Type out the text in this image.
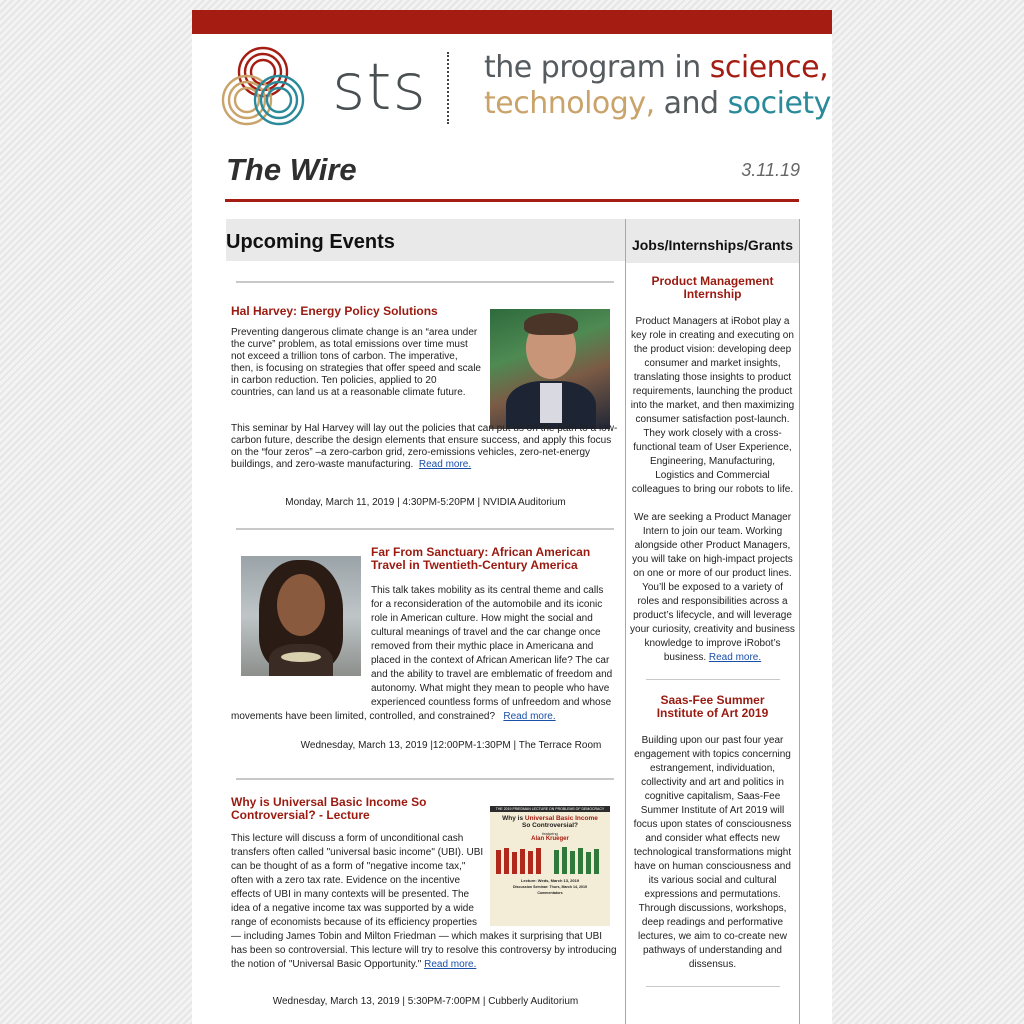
sts the program in science,
technology, and society
The Wire	3.11.19
Upcoming Events
Hal Harvey: Energy Policy Solutions
Preventing dangerous climate change is an “area under the curve” problem, as total emissions over time must not exceed a trillion tons of carbon. The imperative, then, is focusing on strategies that offer speed and scale in carbon reduction. Ten policies, applied to 20 countries, can land us at a reasonable climate future.
This seminar by Hal Harvey will lay out the policies that can put us on the path to a low-carbon future, describe the design elements that ensure success, and apply this focus on the “four zeros” –a zero-carbon grid, zero-emissions vehicles, zero-net-energy buildings, and zero-waste manufacturing. Read more.
Monday, March 11, 2019 | 4:30PM-5:20PM | NVIDIA Auditorium
Far From Sanctuary: African American Travel in Twentieth-Century America
This talk takes mobility as its central theme and calls for a reconsideration of the automobile and its iconic role in American culture. How might the social and cultural meanings of travel and the car change once removed from their mythic place in Americana and placed in the context of African American life? The car and the ability to travel are emblematic of freedom and autonomy. What might they mean to people who have experienced countless forms of unfreedom and whose movements have been limited, controlled, and constrained? Read more.
Wednesday, March 13, 2019 |12:00PM-1:30PM | The Terrace Room
THE 2019 FRIEDMAN LECTURE ON PROBLEMS OF DEMOCRACY
Why is Universal Basic Income
So Controversial?
featuring
Alan Krueger
Lecture: Weds, March 13, 2019
Discussion Seminar: Thurs, March 14, 2019
Commentators
Why is Universal Basic Income So Controversial? - Lecture
This lecture will discuss a form of unconditional cash transfers often called "universal basic income" (UBI). UBI can be thought of as a form of "negative income tax," often with a zero tax rate. Evidence on the incentive effects of UBI in many contexts will be presented. The idea of a negative income tax was supported by a wide range of economists because of its efficiency properties — including James Tobin and Milton Friedman — which makes it surprising that UBI has been so controversial. This lecture will try to resolve this controversy by introducing the notion of "Universal Basic Opportunity." Read more.
Wednesday, March 13, 2019 | 5:30PM-7:00PM | Cubberly Auditorium
Jobs/Internships/Grants
Product Management Internship
Product Managers at iRobot play a key role in creating and executing on the product vision: developing deep consumer and market insights, translating those insights to product requirements, launching the product into the market, and then maximizing consumer satisfaction post-launch. They work closely with a cross-functional team of User Experience, Engineering, Manufacturing, Logistics and Commercial colleagues to bring our robots to life.
We are seeking a Product Manager Intern to join our team. Working alongside other Product Managers, you will take on high-impact projects on one or more of our product lines. You’ll be exposed to a variety of roles and responsibilities across a product’s lifecycle, and will leverage your curiosity, creativity and business knowledge to improve iRobot’s business. Read more.
Saas-Fee Summer Institute of Art 2019
Building upon our past four year engagement with topics concerning estrangement, individuation, collectivity and art and politics in cognitive capitalism, Saas-Fee Summer Institute of Art 2019 will focus upon states of consciousness and consider what effects new technological transformations might have on human consciousness and its various social and cultural expressions and permutations. Through discussions, workshops, deep readings and performative lectures, we aim to co-create new pathways of understanding and dissensus.
